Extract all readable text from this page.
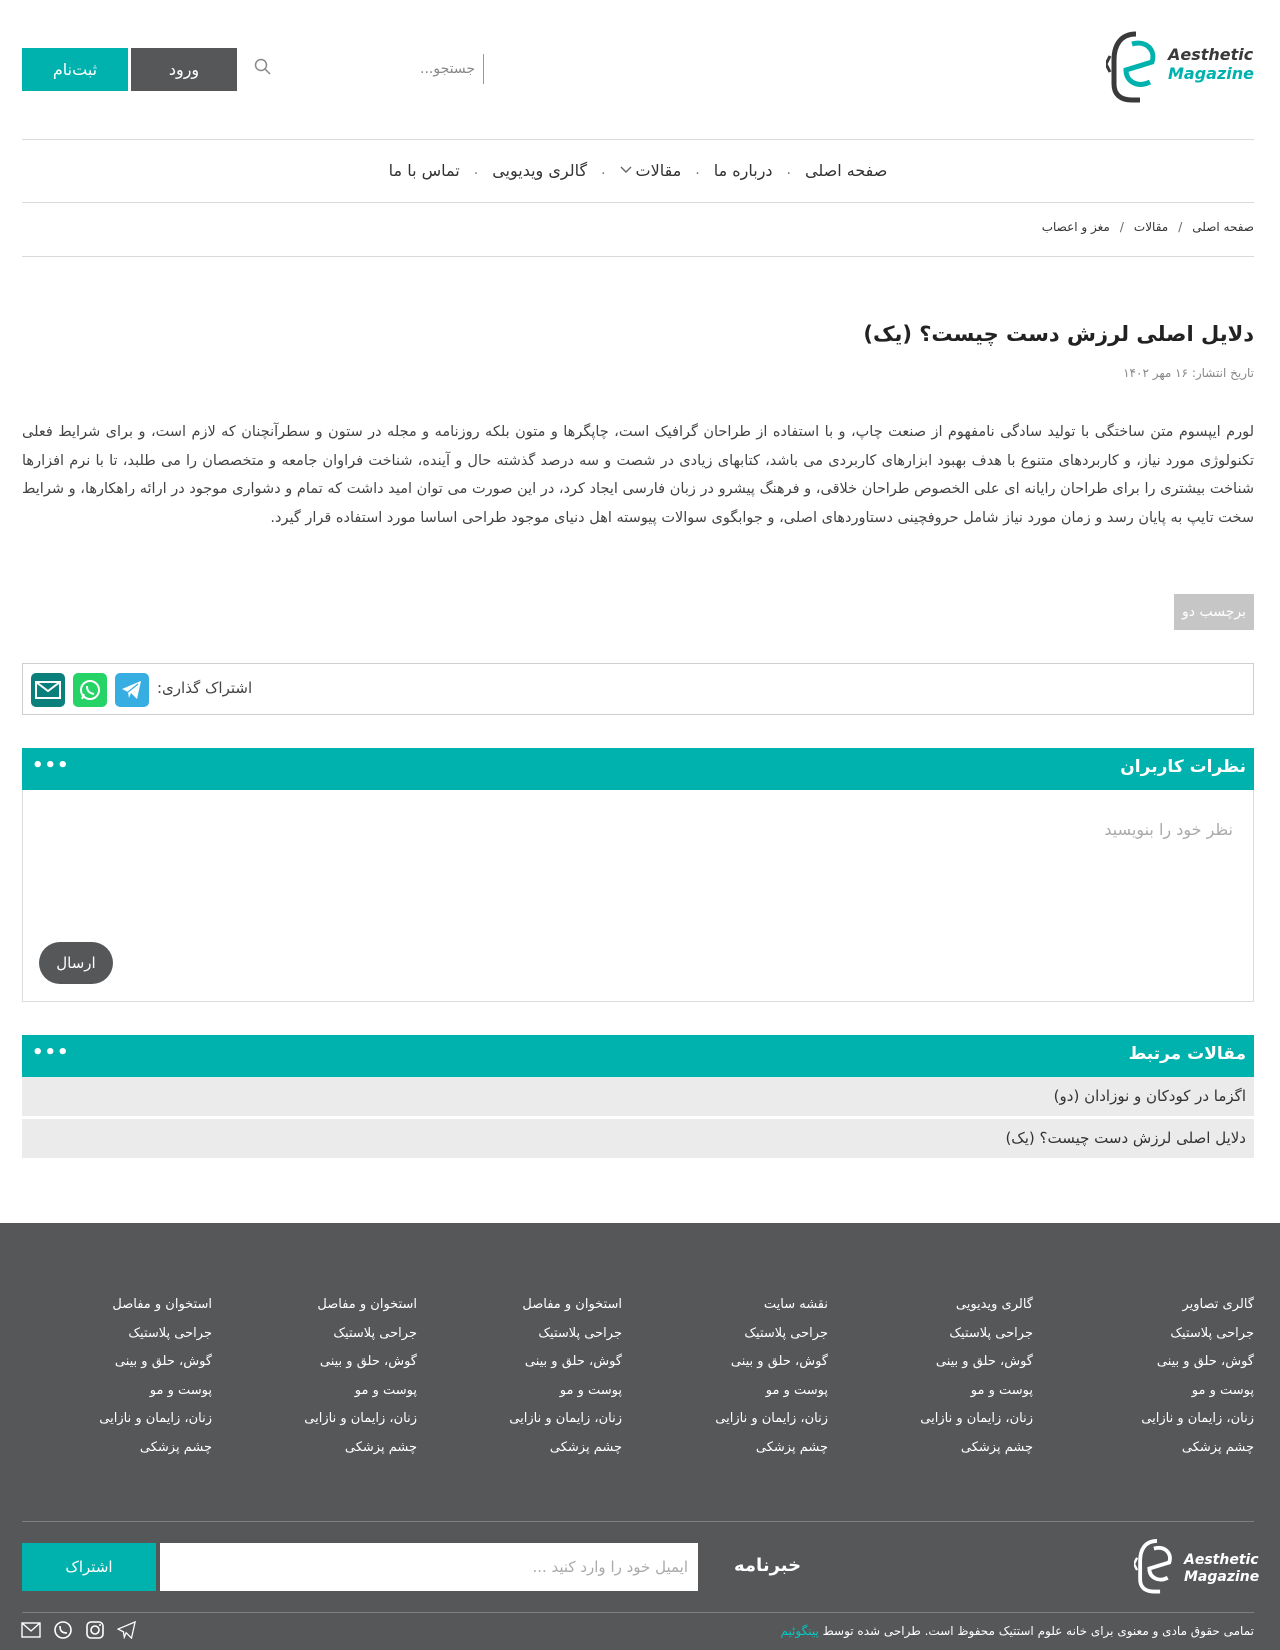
Aesthetic
Magazine
جستجو...
ورود
ثبت‌نام
صفحه اصلی
.
درباره ما
.
مقالات
.
گالری ویدیویی
.
تماس با ما
صفحه اصلی
/
مقالات
/
مغز و اعصاب
دلایل اصلی لرزش دست چیست؟ (یک)
تاریخ انتشار: ۱۶ مهر ۱۴۰۲

لورم ایپسوم متن ساختگی با تولید سادگی نامفهوم از صنعت چاپ، و با استفاده از طراحان گرافیک است، چاپگرها و متون بلکه روزنامه و مجله در ستون و سطرآنچنان که لازم است، و برای شرایط فعلی تکنولوژی مورد نیاز، و کاربردهای متنوع با هدف بهبود ابزارهای کاربردی می باشد، کتابهای زیادی در شصت و سه درصد گذشته حال و آینده، شناخت فراوان جامعه و متخصصان را می طلبد، تا با نرم افزارها شناخت بیشتری را برای طراحان رایانه ای علی الخصوص طراحان خلاقی، و فرهنگ پیشرو در زبان فارسی ایجاد کرد، در این صورت می توان امید داشت که تمام و دشواری موجود در ارائه راهکارها، و شرایط سخت تایپ به پایان رسد و زمان مورد نیاز شامل حروفچینی دستاوردهای اصلی، و جوابگوی سوالات پیوسته اهل دنیای موجود طراحی اساسا مورد استفاده قرار گیرد.

برچسب دو
اشتراک گذاری:
نظرات کاربران
•••
نظر خود را بنویسید
ارسال
مقالات مرتبط
•••
اگزما در کودکان و نوزادان (دو)
دلایل اصلی لرزش دست چیست؟ (یک)
گالری تصاویر
جراحی پلاستیک
گوش، حلق و بینی
پوست و مو
زنان، زایمان و نازایی
چشم پزشکی
گالری ویدیویی
جراحی پلاستیک
گوش، حلق و بینی
پوست و مو
زنان، زایمان و نازایی
چشم پزشکی
نقشه سایت
جراحی پلاستیک
گوش، حلق و بینی
پوست و مو
زنان، زایمان و نازایی
چشم پزشکی
استخوان و مفاصل
جراحی پلاستیک
گوش، حلق و بینی
پوست و مو
زنان، زایمان و نازایی
چشم پزشکی
استخوان و مفاصل
جراحی پلاستیک
گوش، حلق و بینی
پوست و مو
زنان، زایمان و نازایی
چشم پزشکی
استخوان و مفاصل
جراحی پلاستیک
گوش، حلق و بینی
پوست و مو
زنان، زایمان و نازایی
چشم پزشکی
Aesthetic
Magazine
خبرنامه
ایمیل خود را وارد کنید ...
اشتراک
تمامی حقوق مادی و معنوی برای خانه علوم استتیک محفوظ است. طراحی شده توسط پینگوئیم
